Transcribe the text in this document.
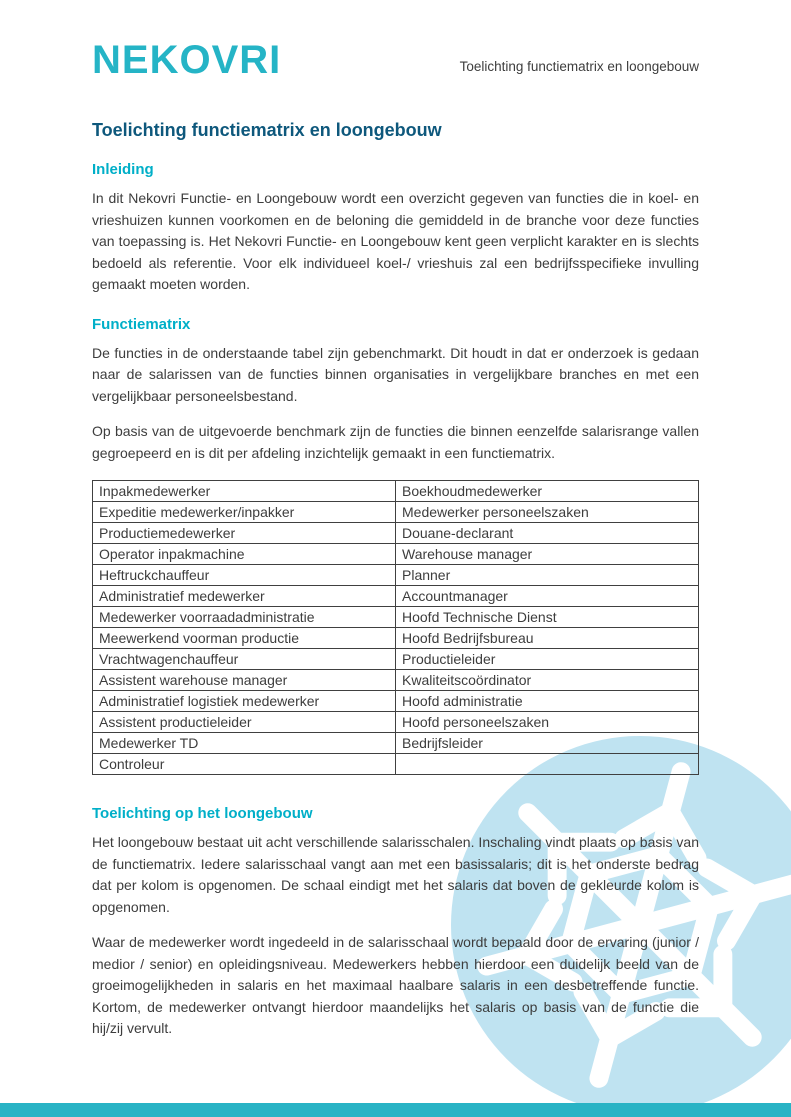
NEKOVRI	Toelichting functiematrix en loongebouw
Toelichting functiematrix en loongebouw
Inleiding

In dit Nekovri Functie- en Loongebouw wordt een overzicht gegeven van functies die in koel- en vrieshuizen kunnen voorkomen en de beloning die gemiddeld in de branche voor deze functies van toepassing is. Het Nekovri Functie- en Loongebouw kent geen verplicht karakter en is slechts bedoeld als referentie. Voor elk individueel koel-/ vrieshuis zal een bedrijfsspecifieke invulling gemaakt moeten worden.

Functiematrix

De functies in de onderstaande tabel zijn gebenchmarkt. Dit houdt in dat er onderzoek is gedaan naar de salarissen van de functies binnen organisaties in vergelijkbare branches en met een vergelijkbaar personeelsbestand.

Op basis van de uitgevoerde benchmark zijn de functies die binnen eenzelfde salarisrange vallen gegroepeerd en is dit per afdeling inzichtelijk gemaakt in een functiematrix.

Inpakmedewerker	Boekhoudmedewerker
Expeditie medewerker/inpakker	Medewerker personeelszaken
Productiemedewerker	Douane-declarant
Operator inpakmachine	Warehouse manager
Heftruckchauffeur	Planner
Administratief medewerker	Accountmanager
Medewerker voorraadadministratie	Hoofd Technische Dienst
Meewerkend voorman productie	Hoofd Bedrijfsbureau
Vrachtwagenchauffeur	Productieleider
Assistent warehouse manager	Kwaliteitscoördinator
Administratief logistiek medewerker	Hoofd administratie
Assistent productieleider	Hoofd personeelszaken
Medewerker TD	Bedrijfsleider
Controleur	
Toelichting op het loongebouw

Het loongebouw bestaat uit acht verschillende salarisschalen. Inschaling vindt plaats op basis van de functiematrix. Iedere salarisschaal vangt aan met een basissalaris; dit is het onderste bedrag dat per kolom is opgenomen. De schaal eindigt met het salaris dat boven de gekleurde kolom is opgenomen.

Waar de medewerker wordt ingedeeld in de salarisschaal wordt bepaald door de ervaring (junior / medior / senior) en opleidingsniveau. Medewerkers hebben hierdoor een duidelijk beeld van de groeimogelijkheden in salaris en het maximaal haalbare salaris in een desbetreffende functie. Kortom, de medewerker ontvangt hierdoor maandelijks het salaris op basis van de functie die hij/zij vervult.
